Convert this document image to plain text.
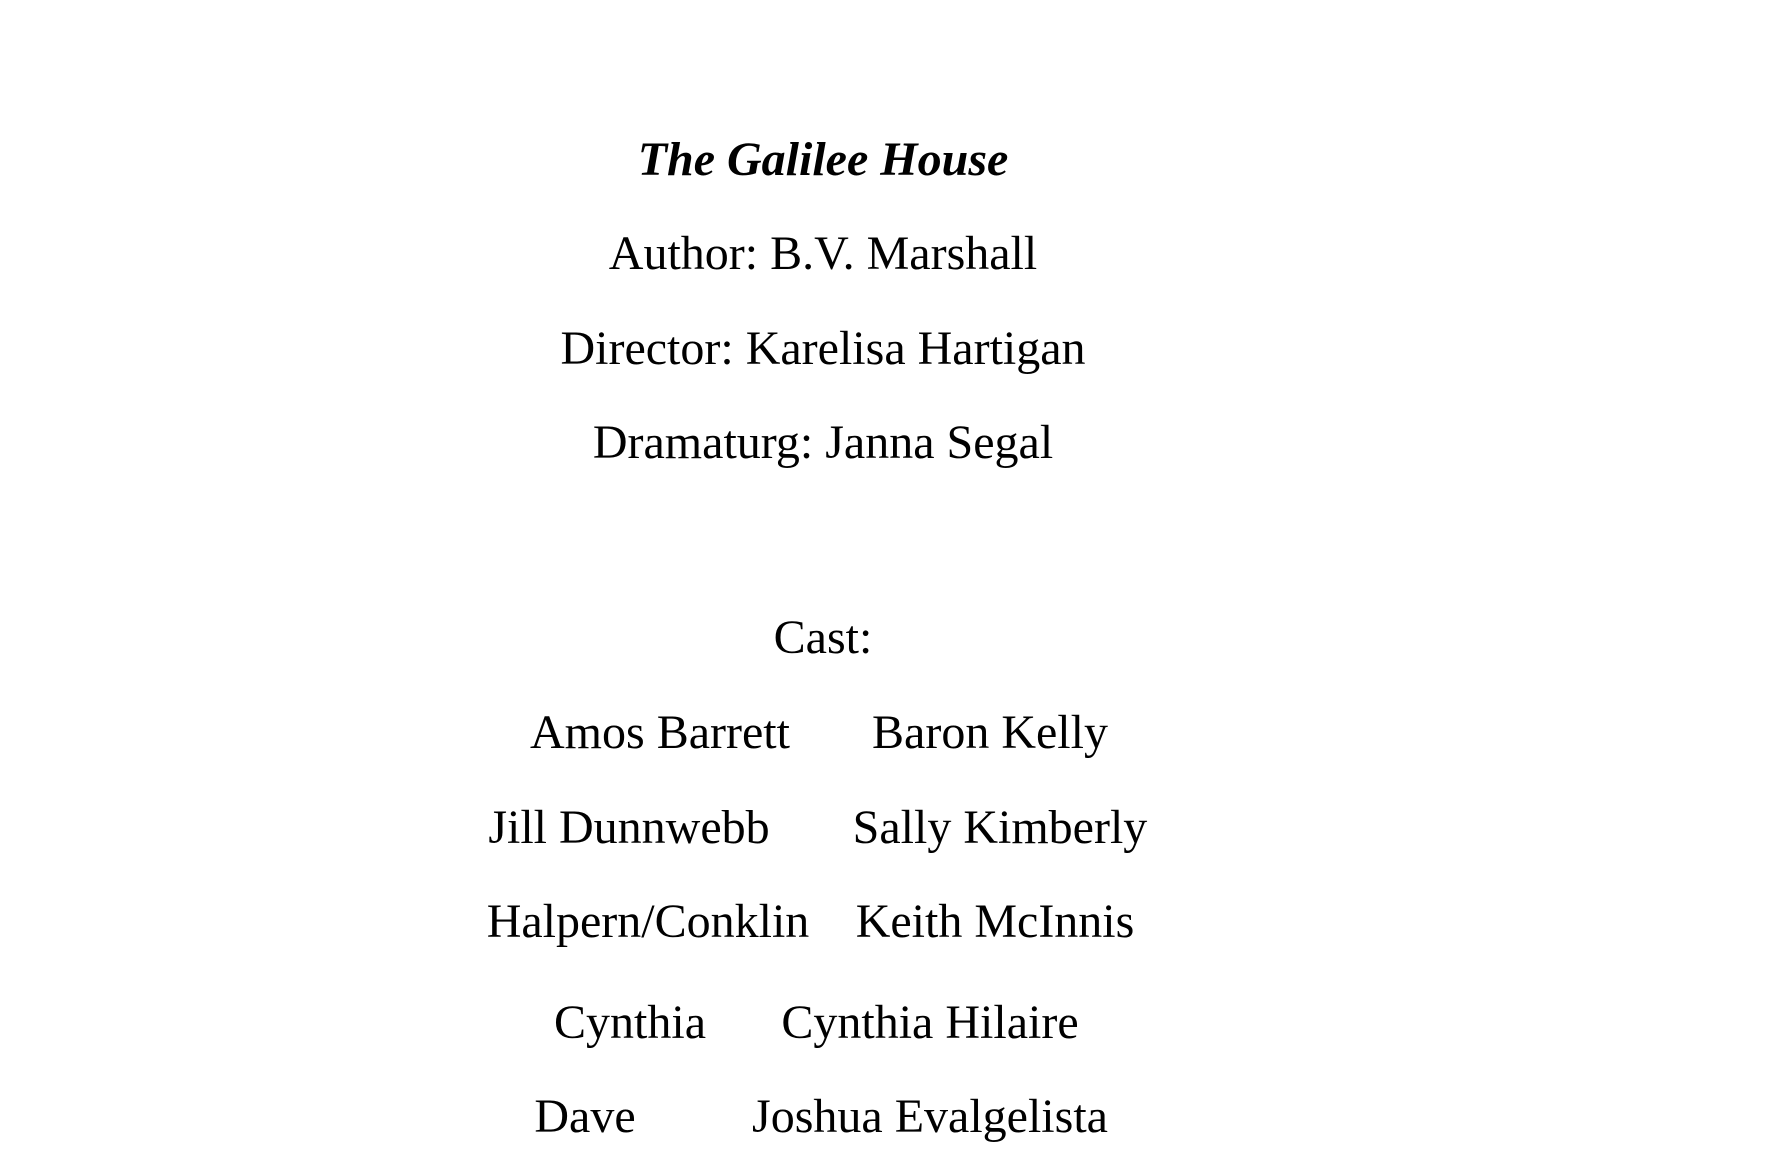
The Galilee House
Author: B.V. Marshall
Director: Karelisa Hartigan
Dramaturg: Janna Segal
Cast:
Amos Barrett Baron Kelly
Jill Dunnwebb Sally Kimberly
Halpern/Conklin Keith McInnis
Cynthia Cynthia Hilaire
Dave	Joshua Evalgelista
